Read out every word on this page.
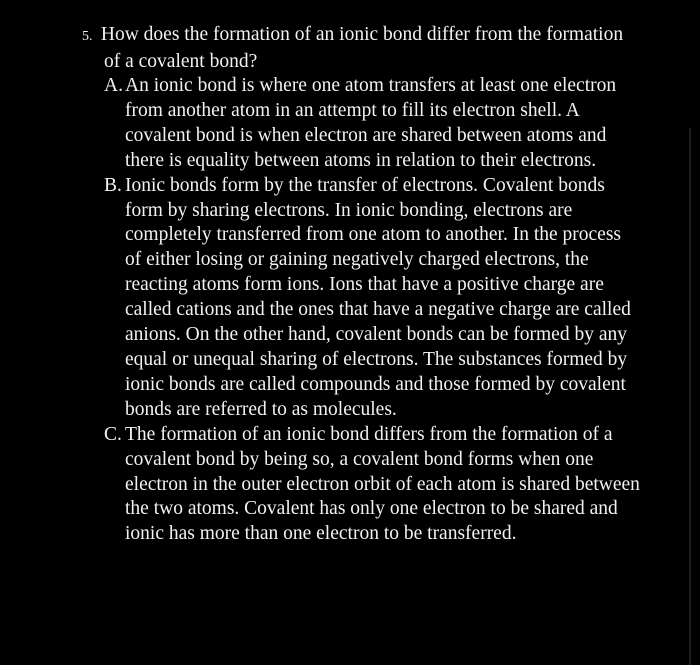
5. How does the formation of an ionic bond differ from the formation of a covalent bond?
A. An ionic bond is where one atom transfers at least one electron from another atom in an attempt to fill its electron shell. A covalent bond is when electron are shared between atoms and there is equality between atoms in relation to their electrons.
B. Ionic bonds form by the transfer of electrons. Covalent bonds form by sharing electrons. In ionic bonding, electrons are completely transferred from one atom to another. In the process of either losing or gaining negatively charged electrons, the reacting atoms form ions. Ions that have a positive charge are called cations and the ones that have a negative charge are called anions. On the other hand, covalent bonds can be formed by any equal or unequal sharing of electrons. The substances formed by ionic bonds are called compounds and those formed by covalent bonds are referred to as molecules.
C. The formation of an ionic bond differs from the formation of a covalent bond by being so, a covalent bond forms when one electron in the outer electron orbit of each atom is shared between the two atoms. Covalent has only one electron to be shared and ionic has more than one electron to be transferred.
